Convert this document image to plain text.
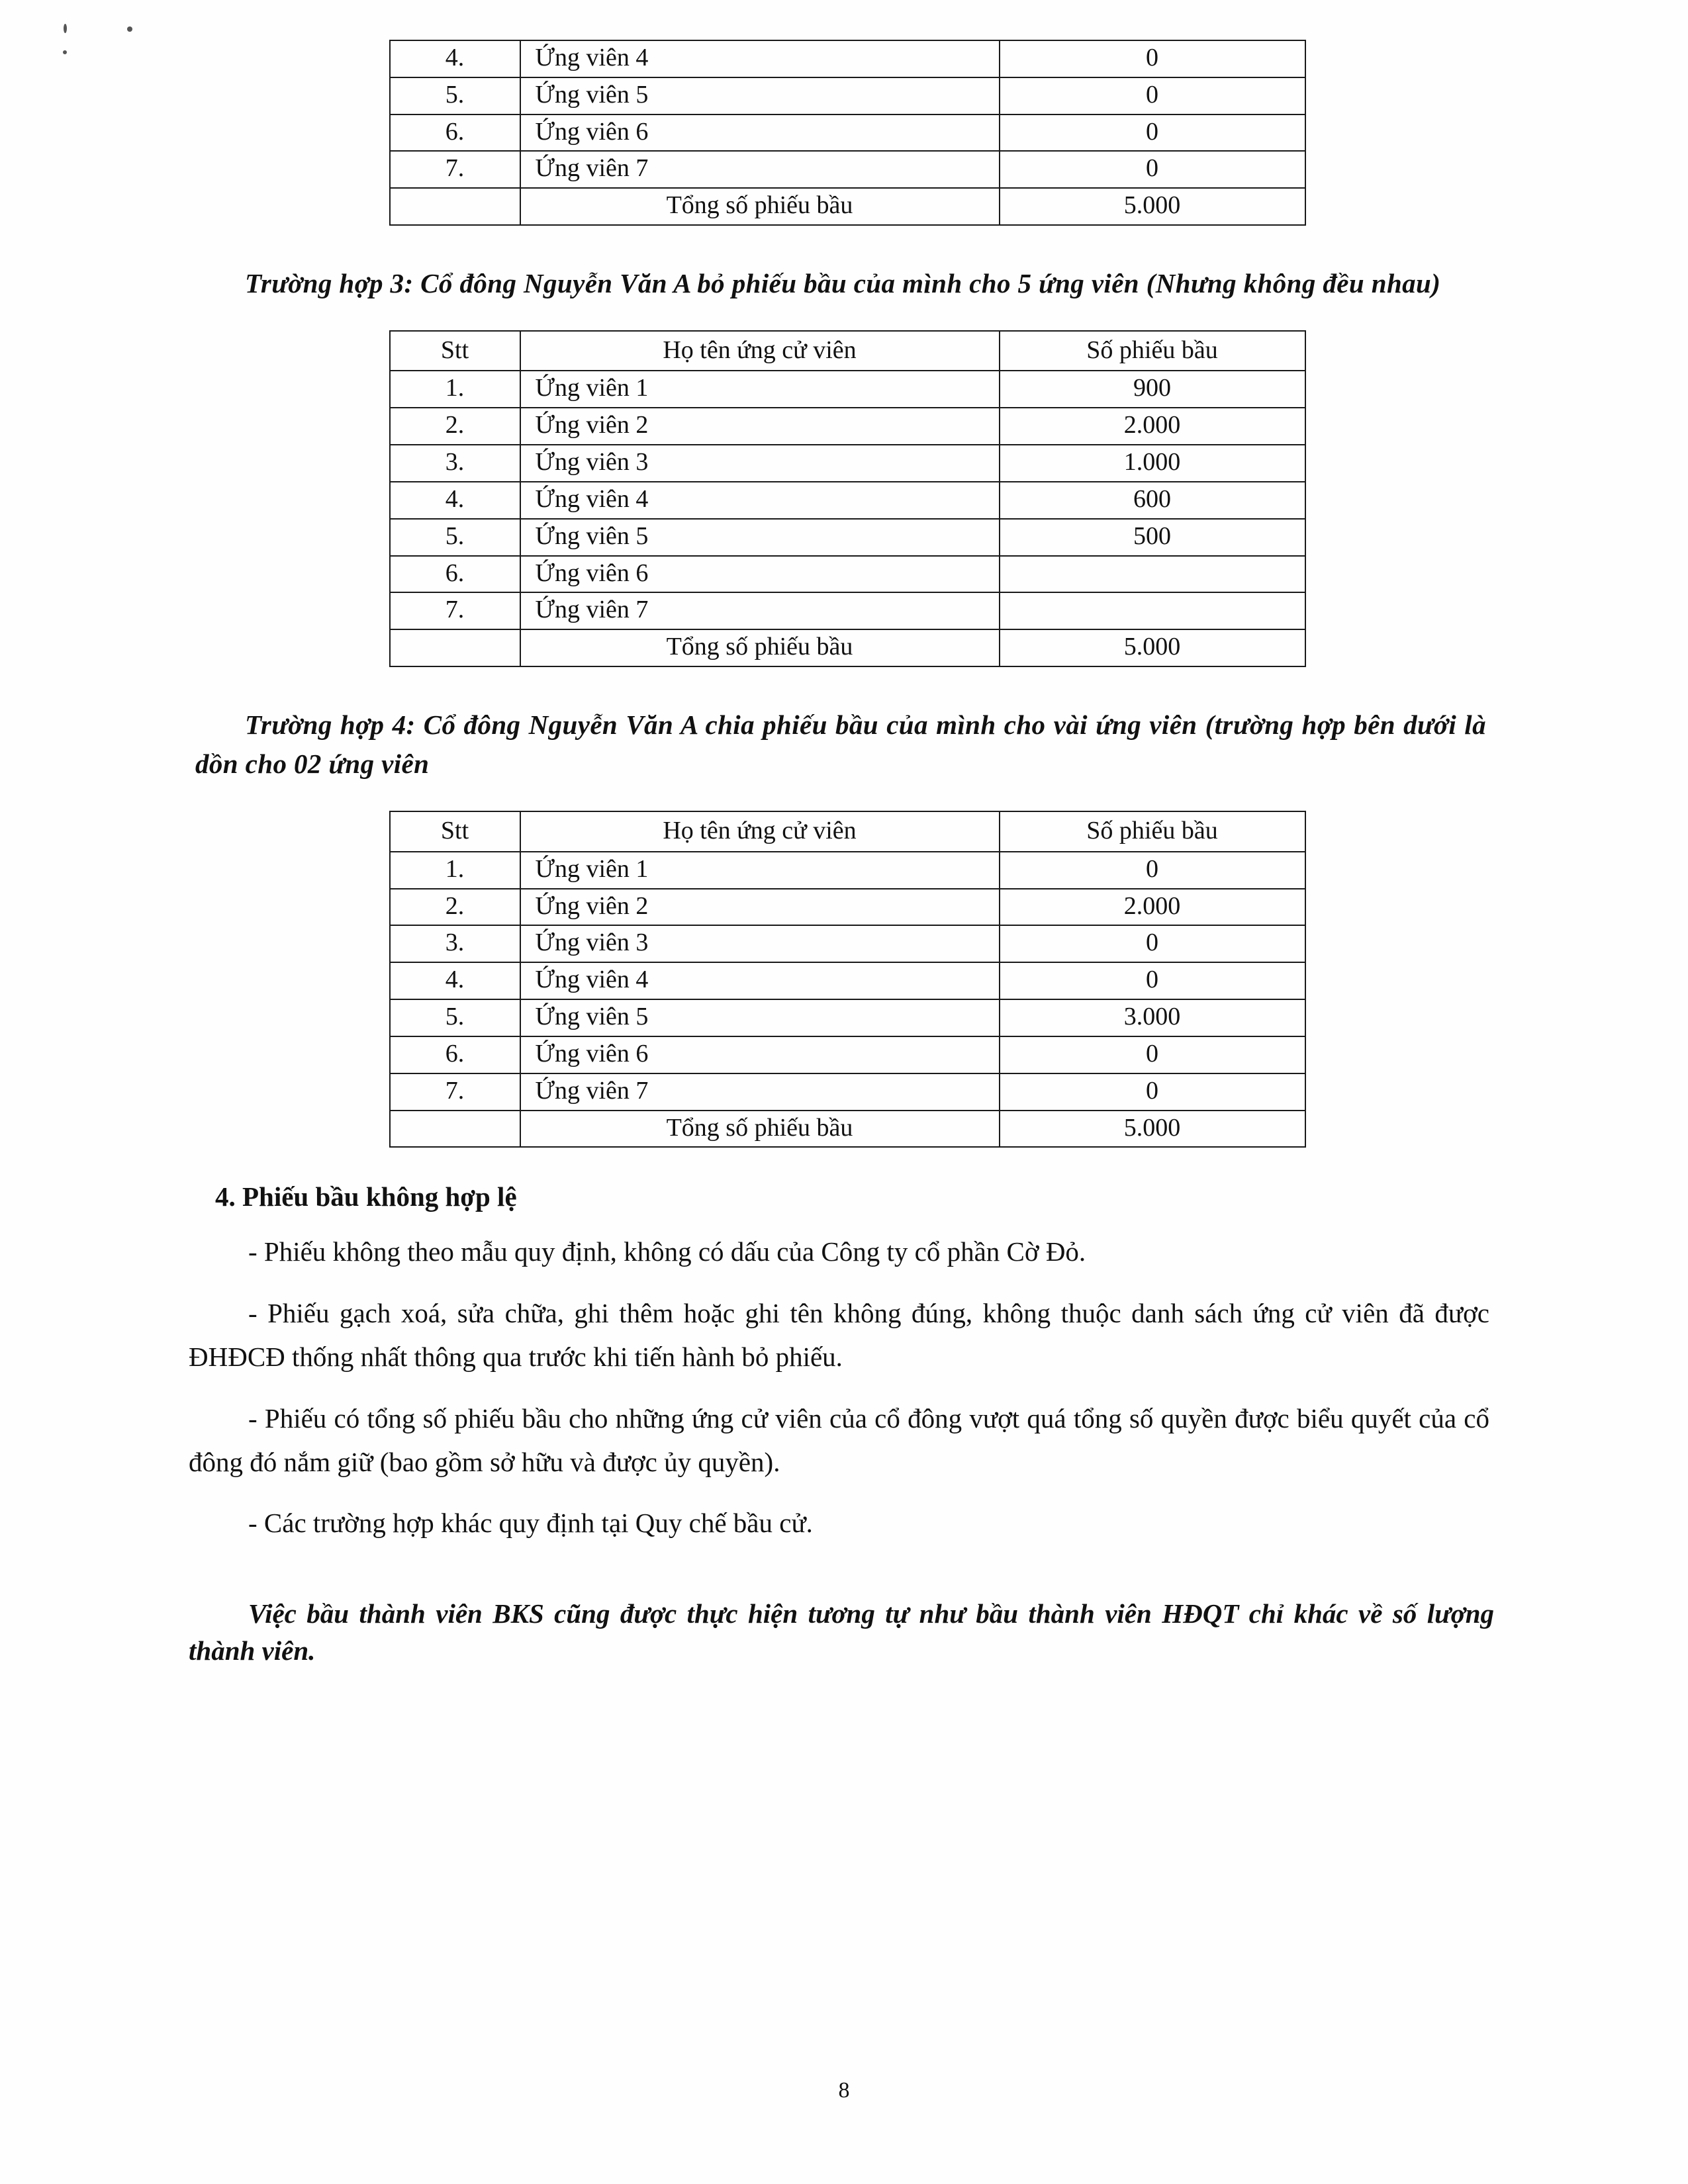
4.	Ứng viên 4	0
5.	Ứng viên 5	0
6.	Ứng viên 6	0
7.	Ứng viên 7	0
	Tổng số phiếu bầu	5.000

Trường hợp 3: Cổ đông Nguyễn Văn A bỏ phiếu bầu của mình cho 5 ứng viên (Nhưng không đều nhau)

Stt	Họ tên ứng cử viên	Số phiếu bầu
1.	Ứng viên 1	900
2.	Ứng viên 2	2.000
3.	Ứng viên 3	1.000
4.	Ứng viên 4	600
5.	Ứng viên 5	500
6.	Ứng viên 6	
7.	Ứng viên 7	
	Tổng số phiếu bầu	5.000

Trường hợp 4: Cổ đông Nguyễn Văn A chia phiếu bầu của mình cho vài ứng viên (trường hợp bên dưới là dồn cho 02 ứng viên

Stt	Họ tên ứng cử viên	Số phiếu bầu
1.	Ứng viên 1	0
2.	Ứng viên 2	2.000
3.	Ứng viên 3	0
4.	Ứng viên 4	0
5.	Ứng viên 5	3.000
6.	Ứng viên 6	0
7.	Ứng viên 7	0
	Tổng số phiếu bầu	5.000
4. Phiếu bầu không hợp lệ

- Phiếu không theo mẫu quy định, không có dấu của Công ty cổ phần Cờ Đỏ.

- Phiếu gạch xoá, sửa chữa, ghi thêm hoặc ghi tên không đúng, không thuộc danh sách ứng cử viên đã được ĐHĐCĐ thống nhất thông qua trước khi tiến hành bỏ phiếu.

- Phiếu có tổng số phiếu bầu cho những ứng cử viên của cổ đông vượt quá tổng số quyền được biểu quyết của cổ đông đó nắm giữ (bao gồm sở hữu và được ủy quyền).

- Các trường hợp khác quy định tại Quy chế bầu cử.

Việc bầu thành viên BKS cũng được thực hiện tương tự như bầu thành viên HĐQT chỉ khác về số lượng thành viên.

8
